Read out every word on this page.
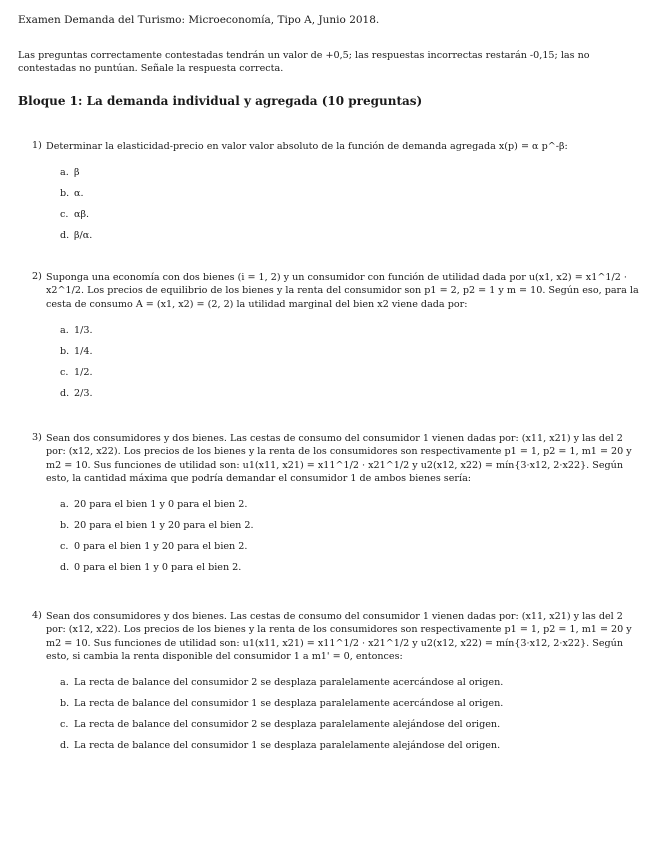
Examen Demanda del Turismo: Microeconomía, Tipo A, Junio 2018.
Las preguntas correctamente contestadas tendrán un valor de +0,5; las respuestas incorrectas restarán -0,15; las no contestadas no puntúan. Señale la respuesta correcta.
Bloque 1: La demanda individual y agregada (10 preguntas)
1) Determinar la elasticidad-precio en valor valor absoluto de la función de demanda agregada x(p) = α p^-β:
a. β
b. α.
c. αβ.
d. β/α.
2) Suponga una economía con dos bienes (i = 1, 2) y un consumidor con función de utilidad dada por u(x1, x2) = x1^1/2 · x2^1/2. Los precios de equilibrio de los bienes y la renta del consumidor son p1 = 2, p2 = 1 y m = 10. Según eso, para la cesta de consumo A = (x1, x2) = (2, 2) la utilidad marginal del bien x2 viene dada por:
a. 1/3.
b. 1/4.
c. 1/2.
d. 2/3.
3) Sean dos consumidores y dos bienes. Las cestas de consumo del consumidor 1 vienen dadas por: (x11, x21) y las del 2 por: (x12, x22). Los precios de los bienes y la renta de los consumidores son respectivamente p1 = 1, p2 = 1, m1 = 20 y m2 = 10. Sus funciones de utilidad son: u1(x11, x21) = x11^1/2 · x21^1/2 y u2(x12, x22) = mín{3·x12, 2·x22}. Según esto, la cantidad máxima que podría demandar el consumidor 1 de ambos bienes sería:
a. 20 para el bien 1 y 0 para el bien 2.
b. 20 para el bien 1 y 20 para el bien 2.
c. 0 para el bien 1 y 20 para el bien 2.
d. 0 para el bien 1 y 0 para el bien 2.
4) Sean dos consumidores y dos bienes. Las cestas de consumo del consumidor 1 vienen dadas por: (x11, x21) y las del 2 por: (x12, x22). Los precios de los bienes y la renta de los consumidores son respectivamente p1 = 1, p2 = 1, m1 = 20 y m2 = 10. Sus funciones de utilidad son: u1(x11, x21) = x11^1/2 · x21^1/2 y u2(x12, x22) = mín{3·x12, 2·x22}. Según esto, si cambia la renta disponible del consumidor 1 a m1' = 0, entonces:
a. La recta de balance del consumidor 2 se desplaza paralelamente acercándose al origen.
b. La recta de balance del consumidor 1 se desplaza paralelamente acercándose al origen.
c. La recta de balance del consumidor 2 se desplaza paralelamente alejándose del origen.
d. La recta de balance del consumidor 1 se desplaza paralelamente alejándose del origen.
